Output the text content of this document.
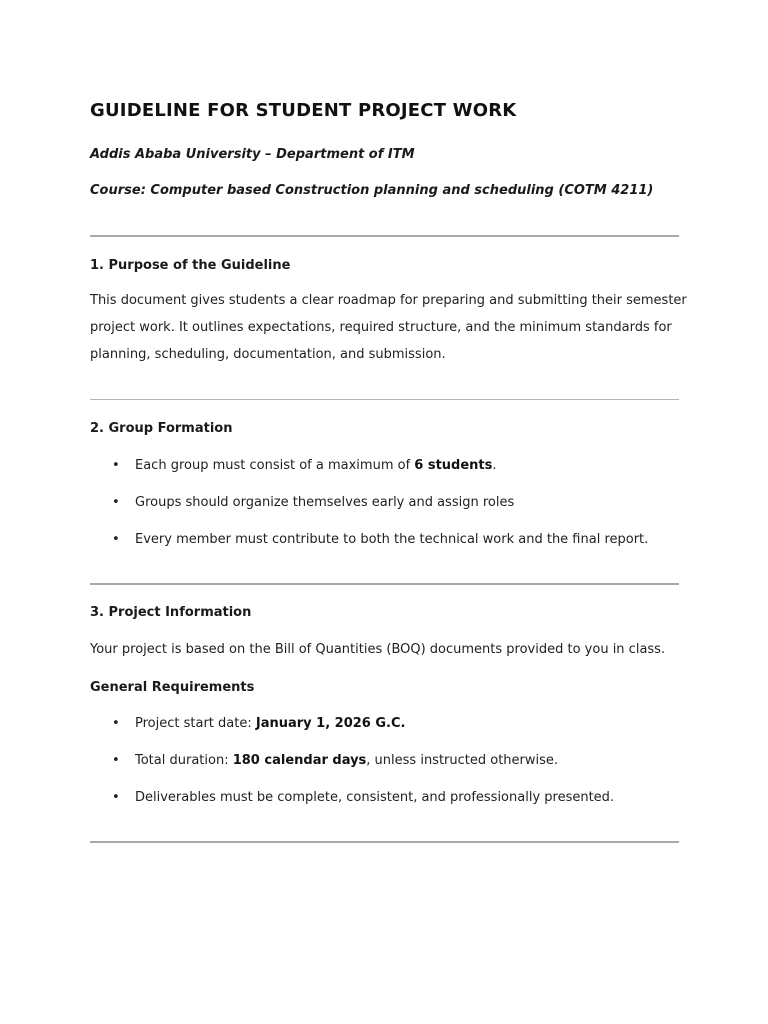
GUIDELINE FOR STUDENT PROJECT WORK

Addis Ababa University – Department of ITM

Course: Computer based Construction planning and scheduling (COTM 4211)

1. Purpose of the Guideline

This document gives students a clear roadmap for preparing and submitting their semester
project work. It outlines expectations, required structure, and the minimum standards for
planning, scheduling, documentation, and submission.

2. Group Formation

• Each group must consist of a maximum of 6 students.
• Groups should organize themselves early and assign roles
• Every member must contribute to both the technical work and the final report.

3. Project Information

Your project is based on the Bill of Quantities (BOQ) documents provided to you in class.

General Requirements

• Project start date: January 1, 2026 G.C.
• Total duration: 180 calendar days, unless instructed otherwise.
• Deliverables must be complete, consistent, and professionally presented.
